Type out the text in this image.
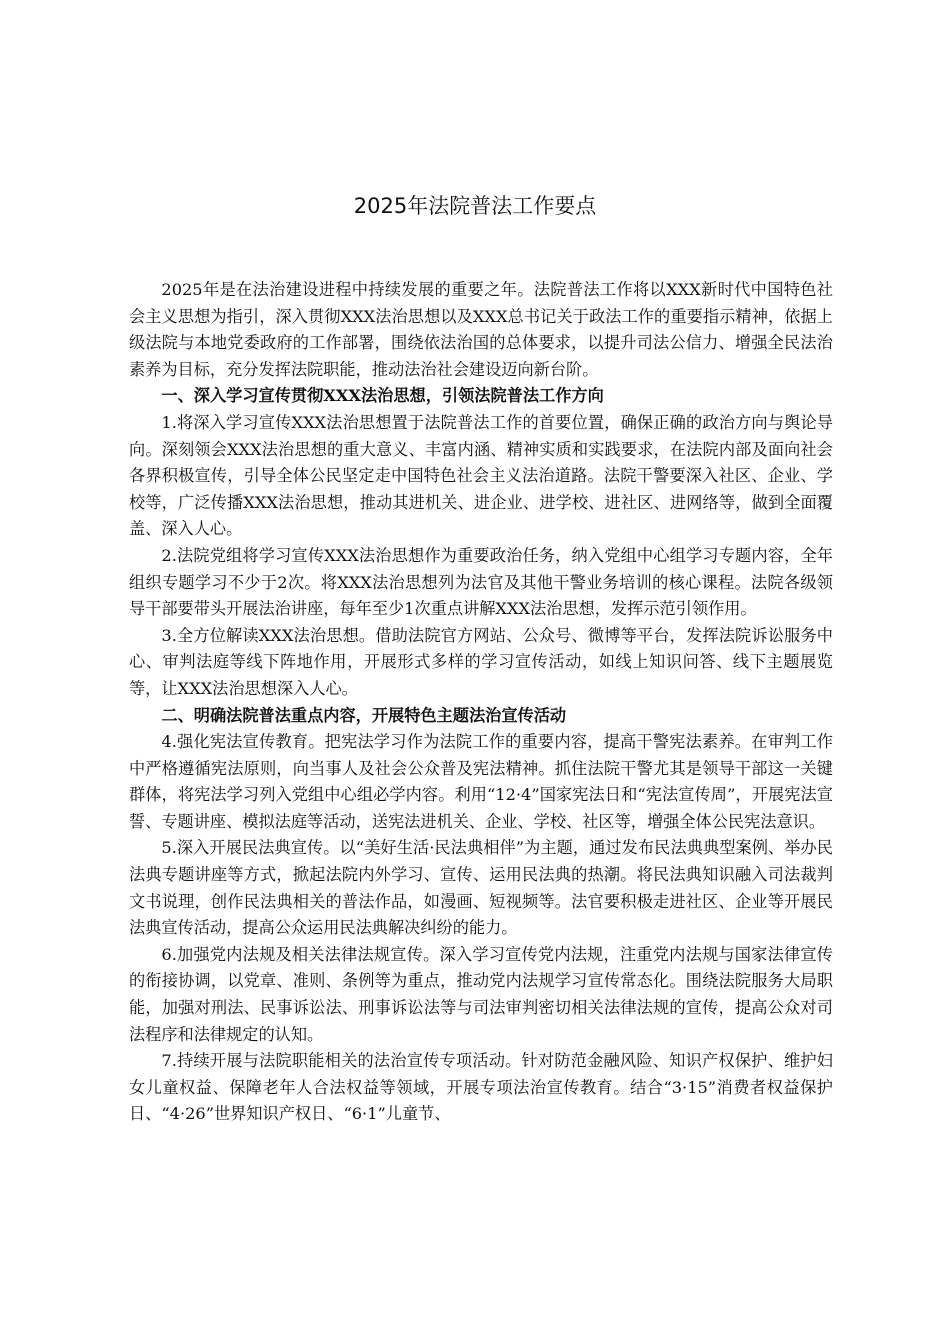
2025年法院普法工作要点

2025年是在法治建设进程中持续发展的重要之年。法院普法工作将以XXX新时代中国特色社会主义思想为指引，深入贯彻XXX法治思想以及XXX总书记关于政法工作的重要指示精神，依据上级法院与本地党委政府的工作部署，围绕依法治国的总体要求，以提升司法公信力、增强全民法治素养为目标，充分发挥法院职能，推动法治社会建设迈向新台阶。

一、深入学习宣传贯彻XXX法治思想，引领法院普法工作方向

1.将深入学习宣传XXX法治思想置于法院普法工作的首要位置，确保正确的政治方向与舆论导向。深刻领会XXX法治思想的重大意义、丰富内涵、精神实质和实践要求，在法院内部及面向社会各界积极宣传，引导全体公民坚定走中国特色社会主义法治道路。法院干警要深入社区、企业、学校等，广泛传播XXX法治思想，推动其进机关、进企业、进学校、进社区、进网络等，做到全面覆盖、深入人心。

2.法院党组将学习宣传XXX法治思想作为重要政治任务，纳入党组中心组学习专题内容，全年组织专题学习不少于2次。将XXX法治思想列为法官及其他干警业务培训的核心课程。法院各级领导干部要带头开展法治讲座，每年至少1次重点讲解XXX法治思想，发挥示范引领作用。

3.全方位解读XXX法治思想。借助法院官方网站、公众号、微博等平台，发挥法院诉讼服务中心、审判法庭等线下阵地作用，开展形式多样的学习宣传活动，如线上知识问答、线下主题展览等，让XXX法治思想深入人心。

二、明确法院普法重点内容，开展特色主题法治宣传活动

4.强化宪法宣传教育。把宪法学习作为法院工作的重要内容，提高干警宪法素养。在审判工作中严格遵循宪法原则，向当事人及社会公众普及宪法精神。抓住法院干警尤其是领导干部这一关键群体，将宪法学习列入党组中心组必学内容。利用“12·4”国家宪法日和“宪法宣传周”，开展宪法宣誓、专题讲座、模拟法庭等活动，送宪法进机关、企业、学校、社区等，增强全体公民宪法意识。

5.深入开展民法典宣传。以“美好生活·民法典相伴”为主题，通过发布民法典典型案例、举办民法典专题讲座等方式，掀起法院内外学习、宣传、运用民法典的热潮。将民法典知识融入司法裁判文书说理，创作民法典相关的普法作品，如漫画、短视频等。法官要积极走进社区、企业等开展民法典宣传活动，提高公众运用民法典解决纠纷的能力。

6.加强党内法规及相关法律法规宣传。深入学习宣传党内法规，注重党内法规与国家法律宣传的衔接协调，以党章、准则、条例等为重点，推动党内法规学习宣传常态化。围绕法院服务大局职能，加强对刑法、民事诉讼法、刑事诉讼法等与司法审判密切相关法律法规的宣传，提高公众对司法程序和法律规定的认知。

7.持续开展与法院职能相关的法治宣传专项活动。针对防范金融风险、知识产权保护、维护妇女儿童权益、保障老年人合法权益等领域，开展专项法治宣传教育。结合“3·15”消费者权益保护日、“4·26”世界知识产权日、“6·1”儿童节、
